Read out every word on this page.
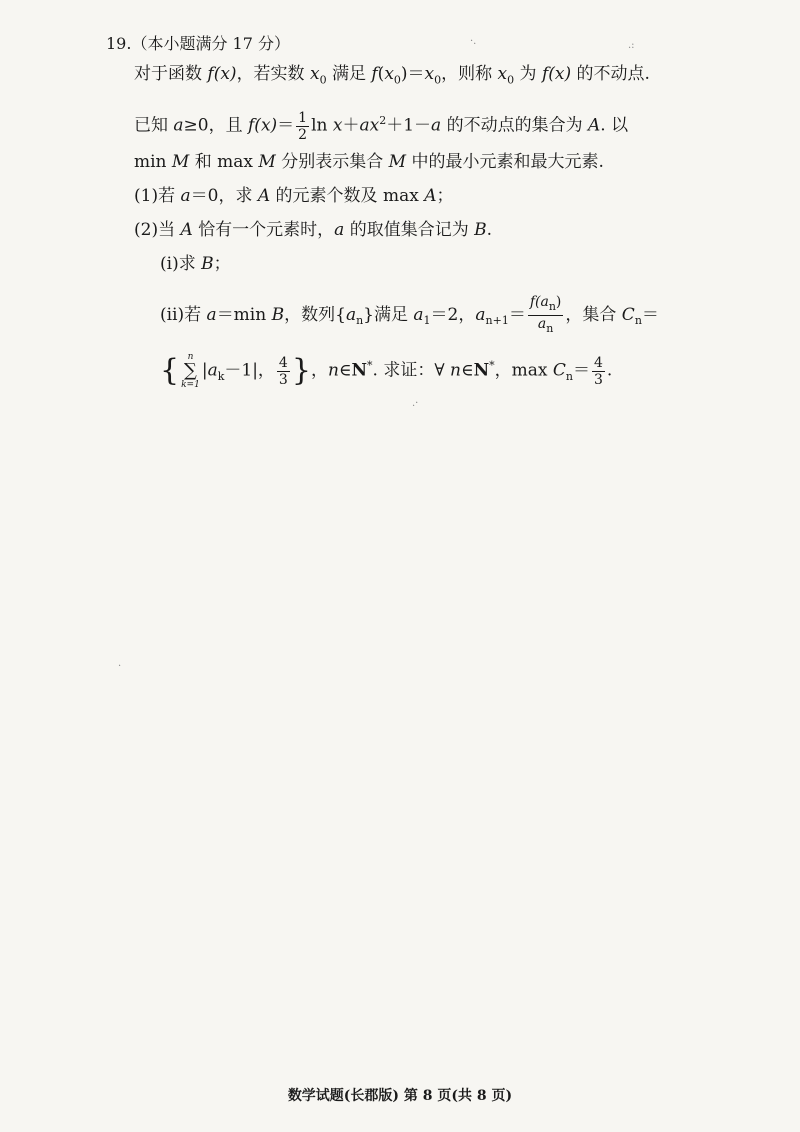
19.（本小题满分 17 分）
对于函数 f(x)，若实数 $x_0$ 满足 $f(x_0)=x_0$，则称 $x_0$ 为 f(x) 的不动点.
已知 a≥0，且 $f(x)= \frac{1}{2}$ $\ln x+ax^2+1-a$ 的不动点的集合为 A. 以
min M 和 max M 分别表示集合 M 中的最小元素和最大元素.
(1)若 a＝0，求 A 的元素个数及 max A；
(2)当 A 恰有一个元素时，a 的取值集合记为 B.
(ⅰ)求 B；
(ⅱ)若 a＝min B，数列$\{a_n\}$满足 $a_1=2$，$a_{n+1}= \frac{f(a_n)}{a_n}$ ，集合 $C_n=$
{ n
∑
k=1
$|a_k-1|$， $\frac{4}{3}$ }，n∈N*. 求证：∀ n∈N*，$\max C_n= \frac{4}{3}$ .
·.	.:
.·
.
数学试题(长郡版) 第 8 页(共 8 页)
